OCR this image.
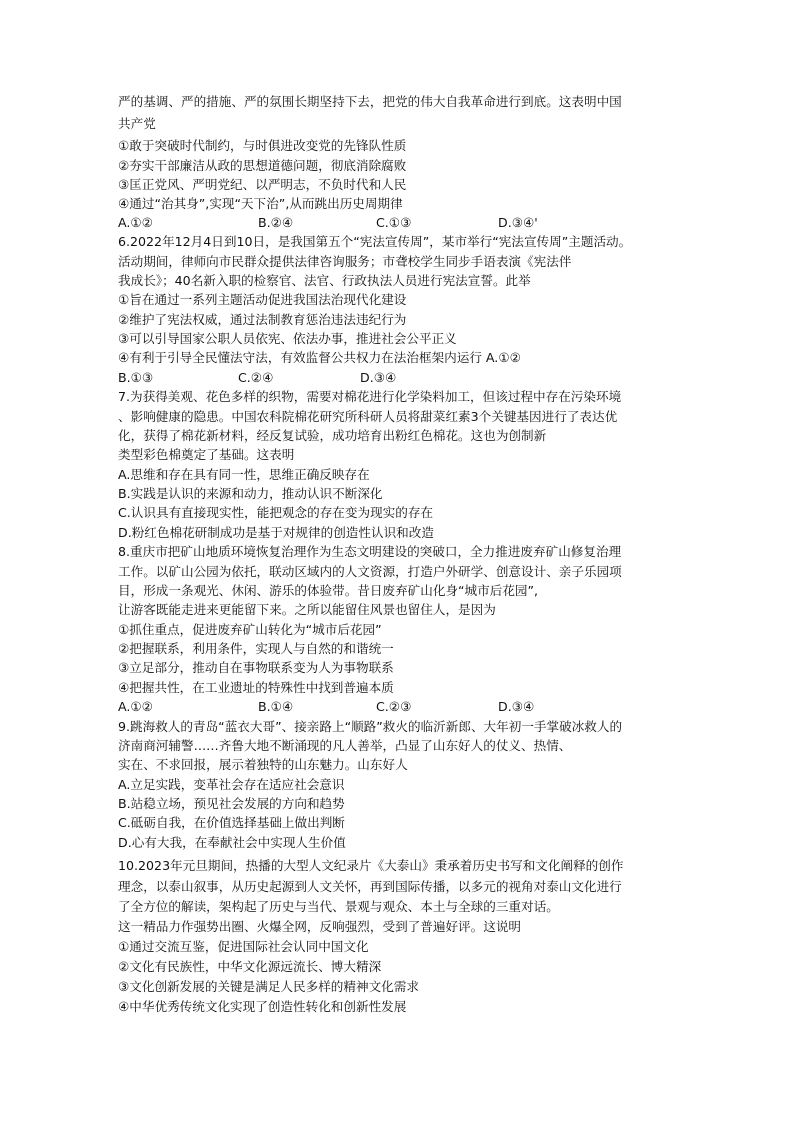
严的基调、严的措施、严的氛围长期坚持下去，把党的伟大自我革命进行到底。这表明中国
共产党
①敢于突破时代制约，与时俱进改变党的先锋队性质
②夯实干部廉洁从政的思想道德问题，彻底消除腐败
③匡正党风、严明党纪、以严明志，不负时代和人民
④通过“治其身”,实现“天下治”,从而跳出历史周期律
A.①②	B.②④	C.①③	D.③④'
6.2022年12月4日到10日，是我国第五个“宪法宣传周”，某市举行“宪法宣传周”主题活动。
活动期间，律师向市民群众提供法律咨询服务；市聋校学生同步手语表演《宪法伴
我成长》；40名新入职的检察官、法官、行政执法人员进行宪法宣誓。此举
①旨在通过一系列主题活动促进我国法治现代化建设
②维护了宪法权威，通过法制教育惩治违法违纪行为
③可以引导国家公职人员依宪、依法办事，推进社会公平正义
④有利于引导全民懂法守法，有效监督公共权力在法治框架内运行 A.①②
B.①③	C.②④	D.③④
7.为获得美观、花色多样的织物，需要对棉花进行化学染料加工，但该过程中存在污染环境
、影响健康的隐患。中国农科院棉花研究所科研人员将甜菜红素3个关键基因进行了表达优
化，获得了棉花新材料，经反复试验，成功培育出粉红色棉花。这也为创制新
类型彩色棉奠定了基础。这表明
A.思维和存在具有同一性，思维正确反映存在
B.实践是认识的来源和动力，推动认识不断深化
C.认识具有直接现实性，能把观念的存在变为现实的存在
D.粉红色棉花研制成功是基于对规律的创造性认识和改造
8.重庆市把矿山地质环境恢复治理作为生态文明建设的突破口，全力推进废弃矿山修复治理
工作。以矿山公园为依托，联动区域内的人文资源，打造户外研学、创意设计、亲子乐园项
目，形成一条观光、休闲、游乐的体验带。昔日废弃矿山化身“城市后花园”,
让游客既能走进来更能留下来。之所以能留住风景也留住人，是因为
①抓住重点，促进废弃矿山转化为“城市后花园”
②把握联系，利用条件，实现人与自然的和谐统一
③立足部分，推动自在事物联系变为人为事物联系
④把握共性，在工业遗址的特殊性中找到普遍本质
A.①②	B.①④	C.②③	D.③④
9.跳海救人的青岛“蓝衣大哥”、接亲路上“顺路”救火的临沂新郎、大年初一手掌破冰救人的
济南商河辅警……齐鲁大地不断涌现的凡人善举，凸显了山东好人的仗义、热情、
实在、不求回报，展示着独特的山东魅力。山东好人
A.立足实践，变革社会存在适应社会意识
B.站稳立场，预见社会发展的方向和趋势
C.砥砺自我，在价值选择基础上做出判断
D.心有大我，在奉献社会中实现人生价值
10.2023年元旦期间，热播的大型人文纪录片《大泰山》秉承着历史书写和文化阐释的创作
理念，以泰山叙事，从历史起源到人文关怀，再到国际传播，以多元的视角对泰山文化进行
了全方位的解读，架构起了历史与当代、景观与观众、本土与全球的三重对话。
这一精品力作强势出圈、火爆全网，反响强烈，受到了普遍好评。这说明
①通过交流互鉴，促进国际社会认同中国文化
②文化有民族性，中华文化源远流长、博大精深
③文化创新发展的关键是满足人民多样的精神文化需求
④中华优秀传统文化实现了创造性转化和创新性发展
